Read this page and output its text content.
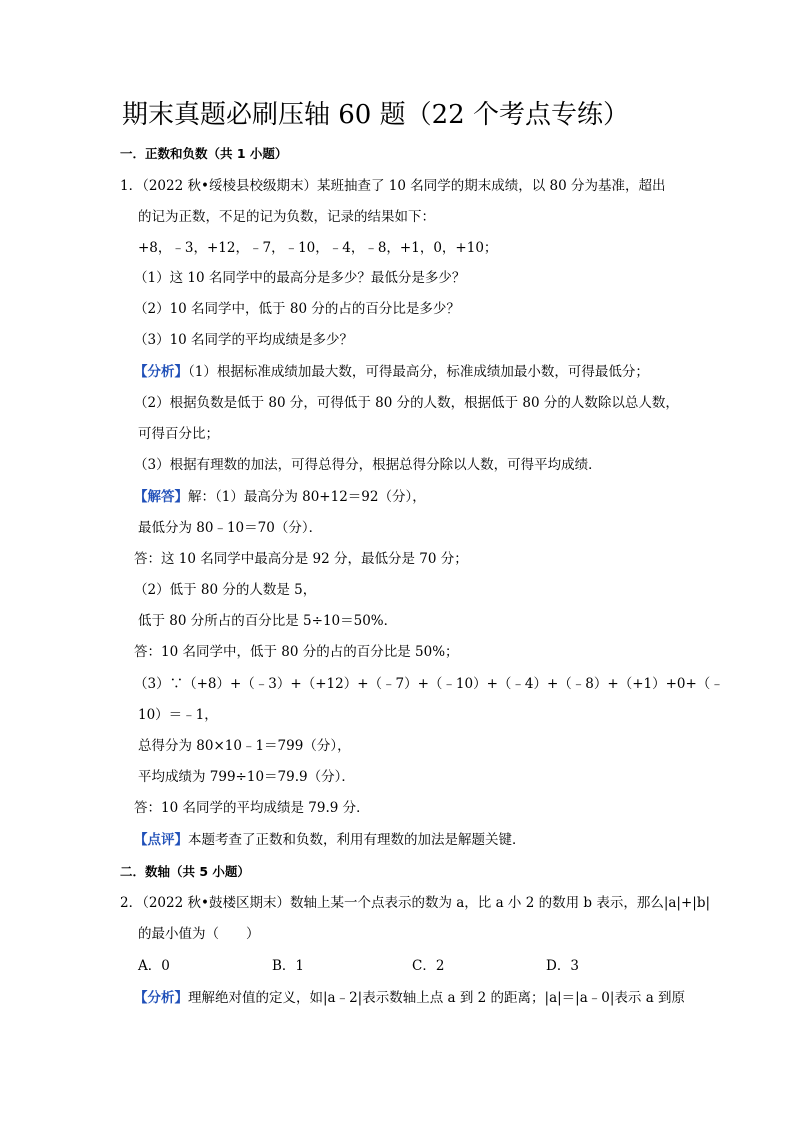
期末真题必刷压轴 60 题（22 个考点专练）
一．正数和负数（共 1 小题）
1．（2022 秋•绥棱县校级期末）某班抽查了 10 名同学的期末成绩，以 80 分为基准，超出
的记为正数，不足的记为负数，记录的结果如下：
+8，﹣3，+12，﹣7，﹣10，﹣4，﹣8，+1，0，+10；
（1）这 10 名同学中的最高分是多少？最低分是多少？
（2）10 名同学中，低于 80 分的占的百分比是多少？
（3）10 名同学的平均成绩是多少？
【分析】（1）根据标准成绩加最大数，可得最高分，标准成绩加最小数，可得最低分；
（2）根据负数是低于 80 分，可得低于 80 分的人数，根据低于 80 分的人数除以总人数，
可得百分比；
（3）根据有理数的加法，可得总得分，根据总得分除以人数，可得平均成绩．
【解答】解：（1）最高分为 80+12＝92（分），
最低分为 80﹣10＝70（分）．
答：这 10 名同学中最高分是 92 分，最低分是 70 分；
（2）低于 80 分的人数是 5，
低于 80 分所占的百分比是 5÷10＝50%．
答：10 名同学中，低于 80 分的占的百分比是 50%；
（3）∵（+8）+（﹣3）+（+12）+（﹣7）+（﹣10）+（﹣4）+（﹣8）+（+1）+0+（﹣
10）＝﹣1，
总得分为 80×10﹣1＝799（分），
平均成绩为 799÷10＝79.9（分）．
答：10 名同学的平均成绩是 79.9 分．
【点评】本题考查了正数和负数，利用有理数的加法是解题关键．
二．数轴（共 5 小题）
2．（2022 秋•鼓楼区期末）数轴上某一个点表示的数为 a，比 a 小 2 的数用 b 表示，那么|a|+|b|
的最小值为（　　）
A．0	B．1	C．2	D．3
【分析】理解绝对值的定义，如|a﹣2|表示数轴上点 a 到 2 的距离；|a|＝|a﹣0|表示 a 到原
